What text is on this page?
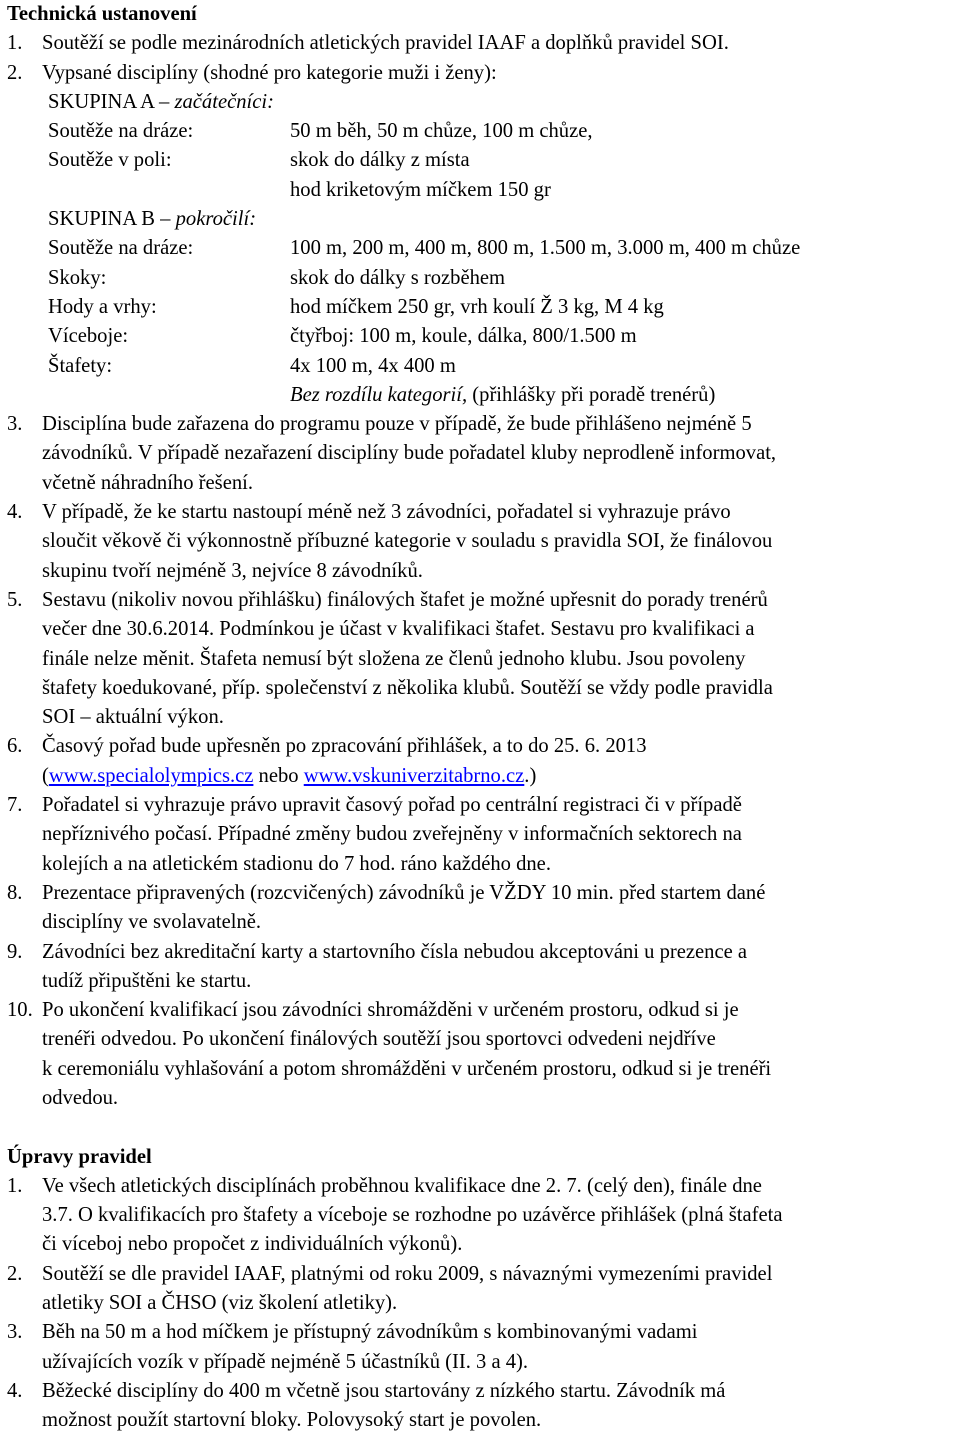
Technická ustanovení
1. Soutěží se podle mezinárodních atletických pravidel IAAF a doplňků pravidel SOI.
2. Vypsané disciplíny (shodné pro kategorie muži i ženy):
SKUPINA A – začátečníci:
Soutěže na dráze:	50 m běh, 50 m chůze, 100 m chůze,
Soutěže v poli:	skok do dálky z místa
hod kriketovým míčkem 150 gr
SKUPINA B – pokročilí:
Soutěže na dráze:	100 m, 200 m, 400 m, 800 m, 1.500 m, 3.000 m, 400 m chůze
Skoky:	skok do dálky s rozběhem
Hody a vrhy:	hod míčkem 250 gr, vrh koulí Ž 3 kg, M 4 kg
Víceboje:	čtyřboj: 100 m, koule, dálka, 800/1.500 m
Štafety:	4x 100 m, 4x 400 m
Bez rozdílu kategorií, (přihlášky při poradě trenérů)
3. Disciplína bude zařazena do programu pouze v případě, že bude přihlášeno nejméně 5
závodníků. V případě nezařazení disciplíny bude pořadatel kluby neprodleně informovat,
včetně náhradního řešení.
4. V případě, že ke startu nastoupí méně než 3 závodníci, pořadatel si vyhrazuje právo
sloučit věkově či výkonnostně příbuzné kategorie v souladu s pravidla SOI, že finálovou
skupinu tvoří nejméně 3, nejvíce 8 závodníků.
5. Sestavu (nikoliv novou přihlášku) finálových štafet je možné upřesnit do porady trenérů
večer dne 30.6.2014. Podmínkou je účast v kvalifikaci štafet. Sestavu pro kvalifikaci a
finále nelze měnit. Štafeta nemusí být složena ze členů jednoho klubu. Jsou povoleny
štafety koedukované, příp. společenství z několika klubů. Soutěží se vždy podle pravidla
SOI – aktuální výkon.
6. Časový pořad bude upřesněn po zpracování přihlášek, a to do 25. 6. 2013
(www.specialolympics.cz nebo www.vskuniverzitabrno.cz.)
7. Pořadatel si vyhrazuje právo upravit časový pořad po centrální registraci či v případě
nepříznivého počasí. Případné změny budou zveřejněny v informačních sektorech na
kolejích a na atletickém stadionu do 7 hod. ráno každého dne.
8. Prezentace připravených (rozcvičených) závodníků je VŽDY 10 min. před startem dané
disciplíny ve svolavatelně.
9. Závodníci bez akreditační karty a startovního čísla nebudou akceptováni u prezence a
tudíž připuštěni ke startu.
10. Po ukončení kvalifikací jsou závodníci shromážděni v určeném prostoru, odkud si je
trenéři odvedou. Po ukončení finálových soutěží jsou sportovci odvedeni nejdříve
k ceremoniálu vyhlašování a potom shromážděni v určeném prostoru, odkud si je trenéři
odvedou.
Úpravy pravidel
1. Ve všech atletických disciplínách proběhnou kvalifikace dne 2. 7. (celý den), finále dne
3.7. O kvalifikacích pro štafety a víceboje se rozhodne po uzávěrce přihlášek (plná štafeta
či víceboj nebo propočet z individuálních výkonů).
2. Soutěží se dle pravidel IAAF, platnými od roku 2009, s návaznými vymezeními pravidel
atletiky SOI a ČHSO (viz školení atletiky).
3. Běh na 50 m a hod míčkem je přístupný závodníkům s kombinovanými vadami
užívajících vozík v případě nejméně 5 účastníků (II. 3 a 4).
4. Běžecké disciplíny do 400 m včetně jsou startovány z nízkého startu. Závodník má
možnost použít startovní bloky. Polovysoký start je povolen.
